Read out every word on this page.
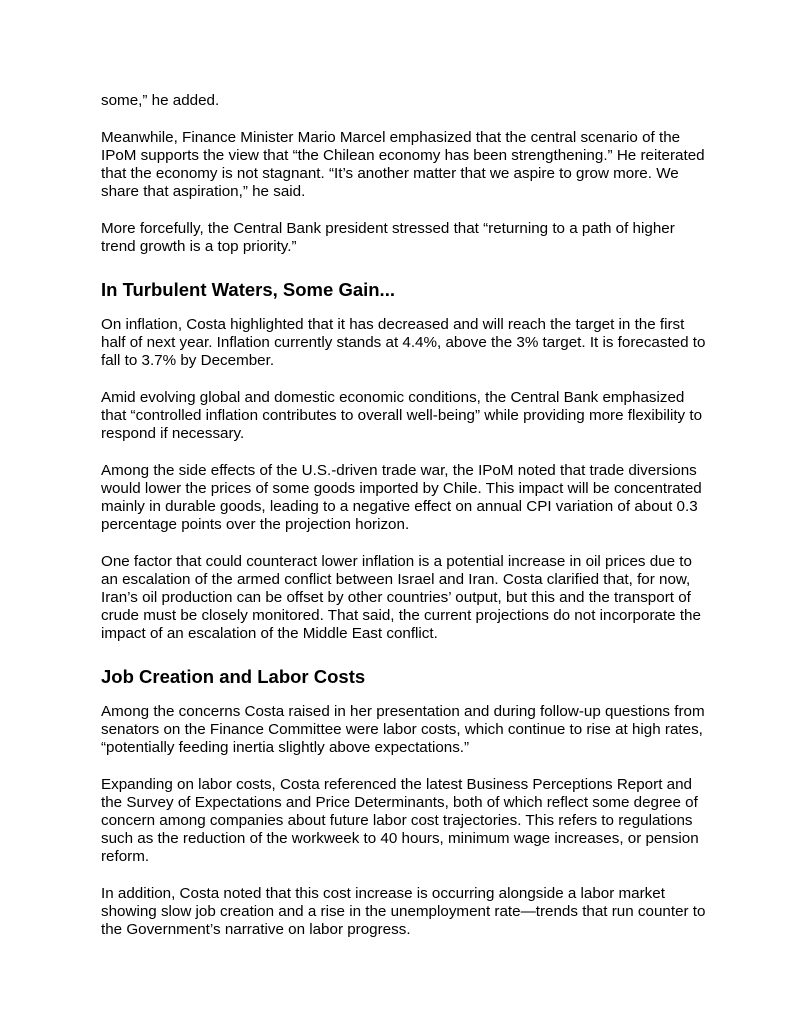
some,” he added.

Meanwhile, Finance Minister Mario Marcel emphasized that the central scenario of the IPoM supports the view that “the Chilean economy has been strengthening.” He reiterated that the economy is not stagnant. “It’s another matter that we aspire to grow more. We share that aspiration,” he said.

More forcefully, the Central Bank president stressed that “returning to a path of higher trend growth is a top priority.”

In Turbulent Waters, Some Gain...

On inflation, Costa highlighted that it has decreased and will reach the target in the first half of next year. Inflation currently stands at 4.4%, above the 3% target. It is forecasted to fall to 3.7% by December.

Amid evolving global and domestic economic conditions, the Central Bank emphasized that “controlled inflation contributes to overall well-being” while providing more flexibility to respond if necessary.

Among the side effects of the U.S.-driven trade war, the IPoM noted that trade diversions would lower the prices of some goods imported by Chile. This impact will be concentrated mainly in durable goods, leading to a negative effect on annual CPI variation of about 0.3 percentage points over the projection horizon.

One factor that could counteract lower inflation is a potential increase in oil prices due to an escalation of the armed conflict between Israel and Iran. Costa clarified that, for now, Iran’s oil production can be offset by other countries’ output, but this and the transport of crude must be closely monitored. That said, the current projections do not incorporate the impact of an escalation of the Middle East conflict.

Job Creation and Labor Costs

Among the concerns Costa raised in her presentation and during follow-up questions from senators on the Finance Committee were labor costs, which continue to rise at high rates, “potentially feeding inertia slightly above expectations.”

Expanding on labor costs, Costa referenced the latest Business Perceptions Report and the Survey of Expectations and Price Determinants, both of which reflect some degree of concern among companies about future labor cost trajectories. This refers to regulations such as the reduction of the workweek to 40 hours, minimum wage increases, or pension reform.

In addition, Costa noted that this cost increase is occurring alongside a labor market showing slow job creation and a rise in the unemployment rate—trends that run counter to the Government’s narrative on labor progress.
